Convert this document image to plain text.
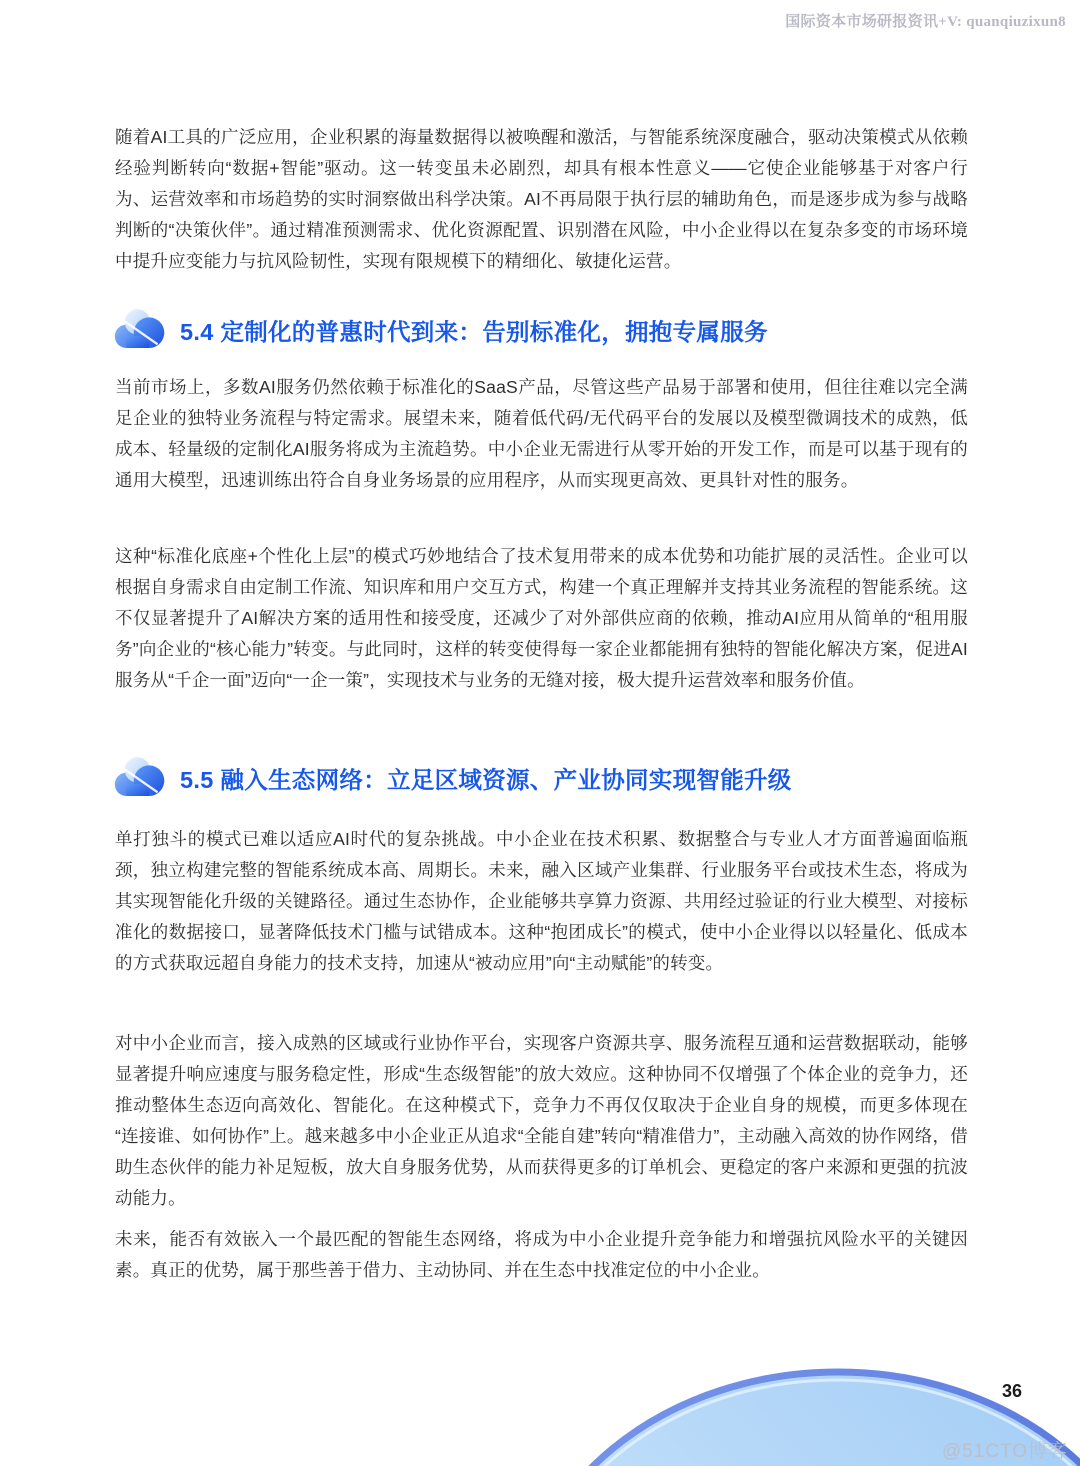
国际资本市场研报资讯+V: quanqiuzixun8

随着AI工具的广泛应用，企业积累的海量数据得以被唤醒和激活，与智能系统深度融合，驱动决策模式从依赖经验判断转向“数据+智能”驱动。这一转变虽未必剧烈，却具有根本性意义——它使企业能够基于对客户行为、运营效率和市场趋势的实时洞察做出科学决策。AI不再局限于执行层的辅助角色，而是逐步成为参与战略判断的“决策伙伴”。通过精准预测需求、优化资源配置、识别潜在风险，中小企业得以在复杂多变的市场环境中提升应变能力与抗风险韧性，实现有限规模下的精细化、敏捷化运营。

5.4 定制化的普惠时代到来：告别标准化，拥抱专属服务

当前市场上，多数AI服务仍然依赖于标准化的SaaS产品，尽管这些产品易于部署和使用，但往往难以完全满足企业的独特业务流程与特定需求。展望未来，随着低代码/无代码平台的发展以及模型微调技术的成熟，低成本、轻量级的定制化AI服务将成为主流趋势。中小企业无需进行从零开始的开发工作，而是可以基于现有的通用大模型，迅速训练出符合自身业务场景的应用程序，从而实现更高效、更具针对性的服务。

这种“标准化底座+个性化上层”的模式巧妙地结合了技术复用带来的成本优势和功能扩展的灵活性。企业可以根据自身需求自由定制工作流、知识库和用户交互方式，构建一个真正理解并支持其业务流程的智能系统。这不仅显著提升了AI解决方案的适用性和接受度，还减少了对外部供应商的依赖，推动AI应用从简单的“租用服务”向企业的“核心能力”转变。与此同时，这样的转变使得每一家企业都能拥有独特的智能化解决方案，促进AI服务从“千企一面”迈向“一企一策”，实现技术与业务的无缝对接，极大提升运营效率和服务价值。

5.5 融入生态网络：立足区域资源、产业协同实现智能升级

单打独斗的模式已难以适应AI时代的复杂挑战。中小企业在技术积累、数据整合与专业人才方面普遍面临瓶颈，独立构建完整的智能系统成本高、周期长。未来，融入区域产业集群、行业服务平台或技术生态，将成为其实现智能化升级的关键路径。通过生态协作，企业能够共享算力资源、共用经过验证的行业大模型、对接标准化的数据接口，显著降低技术门槛与试错成本。这种“抱团成长”的模式，使中小企业得以以轻量化、低成本的方式获取远超自身能力的技术支持，加速从“被动应用”向“主动赋能”的转变。

对中小企业而言，接入成熟的区域或行业协作平台，实现客户资源共享、服务流程互通和运营数据联动，能够显著提升响应速度与服务稳定性，形成“生态级智能”的放大效应。这种协同不仅增强了个体企业的竞争力，还推动整体生态迈向高效化、智能化。在这种模式下，竞争力不再仅仅取决于企业自身的规模，而更多体现在“连接谁、如何协作”上。越来越多中小企业正从追求“全能自建”转向“精准借力”，主动融入高效的协作网络，借助生态伙伴的能力补足短板，放大自身服务优势，从而获得更多的订单机会、更稳定的客户来源和更强的抗波动能力。

未来，能否有效嵌入一个最匹配的智能生态网络，将成为中小企业提升竞争能力和增强抗风险水平的关键因素。真正的优势，属于那些善于借力、主动协同、并在生态中找准定位的中小企业。

36
@51CTO博客
